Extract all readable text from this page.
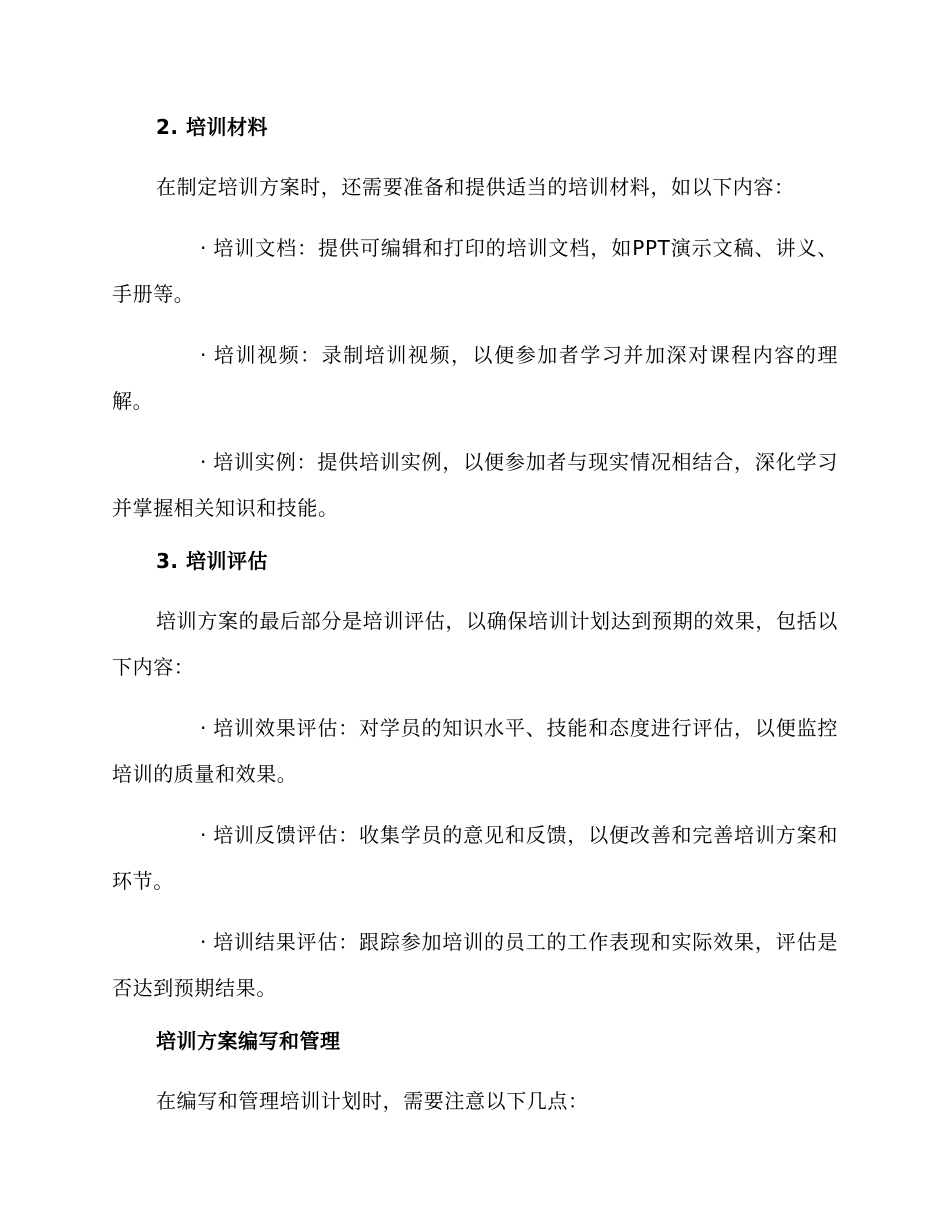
2. 培训材料

在制定培训方案时，还需要准备和提供适当的培训材料，如以下内容：

· 培训文档：提供可编辑和打印的培训文档，如PPT演示文稿、讲义、手册等。

· 培训视频：录制培训视频，以便参加者学习并加深对课程内容的理解。

· 培训实例：提供培训实例，以便参加者与现实情况相结合，深化学习并掌握相关知识和技能。

3. 培训评估

培训方案的最后部分是培训评估，以确保培训计划达到预期的效果，包括以下内容：

· 培训效果评估：对学员的知识水平、技能和态度进行评估，以便监控培训的质量和效果。

· 培训反馈评估：收集学员的意见和反馈，以便改善和完善培训方案和环节。

· 培训结果评估：跟踪参加培训的员工的工作表现和实际效果，评估是否达到预期结果。

培训方案编写和管理

在编写和管理培训计划时，需要注意以下几点：
